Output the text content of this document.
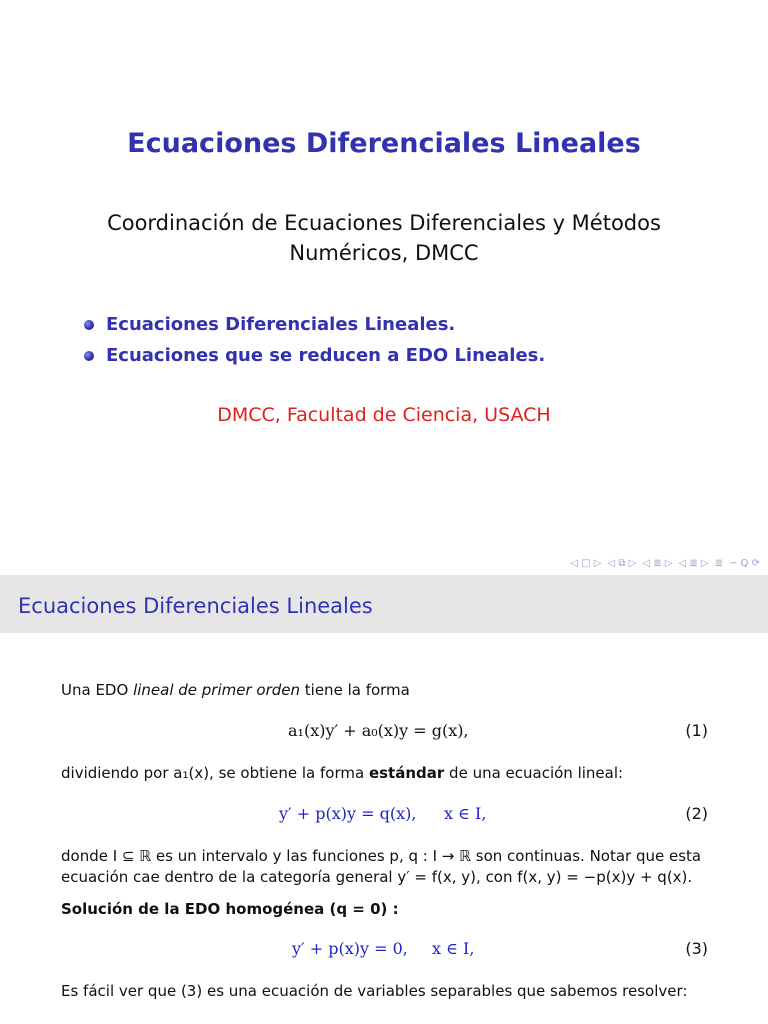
Ecuaciones Diferenciales Lineales
Coordinación de Ecuaciones Diferenciales y Métodos Numéricos, DMCC
Ecuaciones Diferenciales Lineales.
Ecuaciones que se reducen a EDO Lineales.
DMCC, Facultad de Ciencia, USACH
◁ □ ▷ ◁ ⧉ ▷ ◁ ≣ ▷ ◁ ≣ ▷ ≣ ∽ Q ⟳
Ecuaciones Diferenciales Lineales
Una EDO lineal de primer orden tiene la forma
a₁(x)y′ + a₀(x)y = g(x),	(1)
dividiendo por a₁(x), se obtiene la forma estándar de una ecuación lineal:
y′ + p(x)y = q(x), x ∈ I,	(2)
donde I ⊆ ℝ es un intervalo y las funciones p, q : I → ℝ son continuas. Notar que esta
ecuación cae dentro de la categoría general y′ = f(x, y), con f(x, y) = −p(x)y + q(x).
Solución de la EDO homogénea (q = 0) :
y′ + p(x)y = 0, x ∈ I,	(3)
Es fácil ver que (3) es una ecuación de variables separables que sabemos resolver:
